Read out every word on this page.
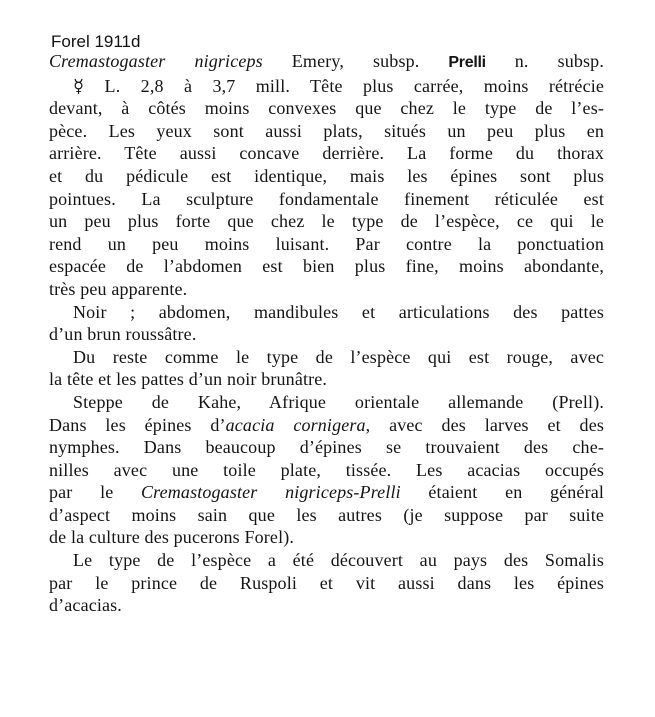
Forel 1911d
Cremastogaster nigriceps Emery, subsp. Prelli n. subsp.
☿ L. 2,8 à 3,7 mill. Tête plus carrée, moins rétrécie
devant, à côtés moins convexes que chez le type de l’es-
pèce. Les yeux sont aussi plats, situés un peu plus en
arrière. Tête aussi concave derrière. La forme du thorax
et du pédicule est identique, mais les épines sont plus
pointues. La sculpture fondamentale finement réticulée est
un peu plus forte que chez le type de l’espèce, ce qui le
rend un peu moins luisant. Par contre la ponctuation
espacée de l’abdomen est bien plus fine, moins abondante,
très peu apparente.
Noir ; abdomen, mandibules et articulations des pattes
d’un brun roussâtre.
Du reste comme le type de l’espèce qui est rouge, avec
la tête et les pattes d’un noir brunâtre.
Steppe de Kahe, Afrique orientale allemande (Prell).
Dans les épines d’acacia cornigera, avec des larves et des
nymphes. Dans beaucoup d’épines se trouvaient des che-
nilles avec une toile plate, tissée. Les acacias occupés
par le Cremastogaster nigriceps-Prelli étaient en général
d’aspect moins sain que les autres (je suppose par suite
de la culture des pucerons Forel).
Le type de l’espèce a été découvert au pays des Somalis
par le prince de Ruspoli et vit aussi dans les épines
d’acacias.
